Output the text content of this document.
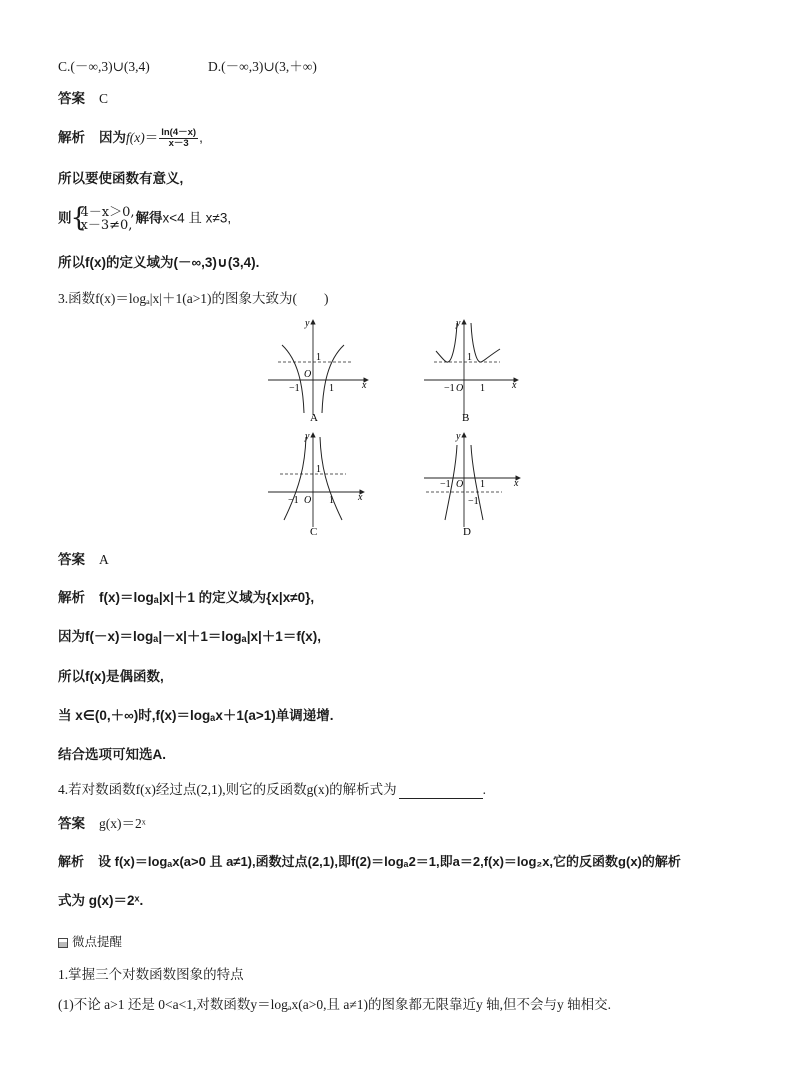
C.(－∞,3)∪(3,4)	D.(－∞,3)∪(3,＋∞)
答案 C
解析 因为$f(x)= \frac{\ln(4-x)}{x-3}$ ,
所以要使函数有意义,
则 {
4－x＞0,
x－3≠0, 解得x<4 且 x≠3,
所以f(x)的定义域为(－∞,3)∪(3,4).
3.函数f(x)＝logₐ|x|＋1(a>1)的图象大致为(　　)
x
y
O
−1	1
1
A
x
y
O
−1	1
1
B
x
y
O
−1	1
1
C
x
y
O
−1	1
−1
D
答案 A
解析 f(x)＝logₐ|x|＋1 的定义域为{x|x≠0},
因为f(－x)＝logₐ|－x|＋1＝logₐ|x|＋1＝f(x),
所以f(x)是偶函数,
当 x∈(0,＋∞)时,f(x)＝logₐx＋1(a>1)单调递增.
结合选项可知选A.
4.若对数函数f(x)经过点(2,1),则它的反函数g(x)的解析式为	.
答案 g(x)＝2ˣ
解析 设 f(x)＝logₐx(a>0 且 a≠1),函数过点(2,1),即f(2)＝logₐ2＝1,即a＝2,f(x)＝log₂x,它的反函数g(x)的解析
式为 g(x)＝2ˣ.
微点提醒
1.掌握三个对数函数图象的特点
(1)不论 a>1 还是 0<a<1,对数函数y＝logₐx(a>0,且 a≠1)的图象都无限靠近y 轴,但不会与y 轴相交.
